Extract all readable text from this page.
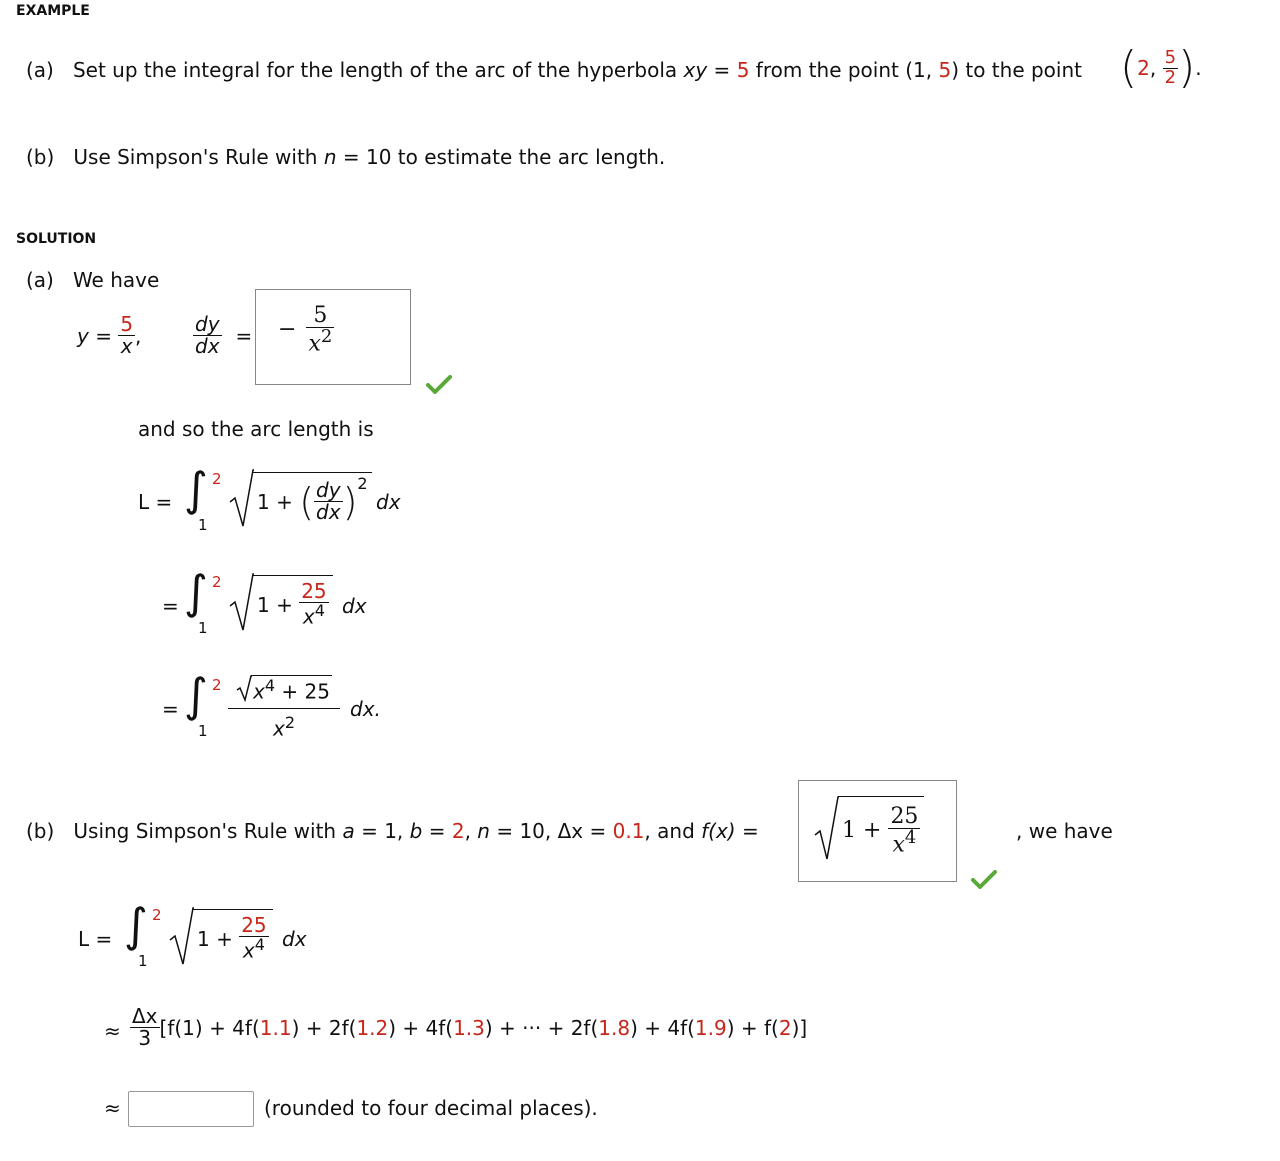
EXAMPLE
(a) Set up the integral for the length of the arc of the hyperbola xy = 5 from the point (1, 5) to the point (2, $\frac{5}{2}$ ).
(b) Use Simpson's Rule with n = 10 to estimate the arc length.
SOLUTION
(a) We have
y =
$\frac{5}{x}$ ,	$\frac{dy}{dx}$ = − $\frac{5}{x^2}$
and so the arc length is
L = ∫ 2
1
1 +
( $\frac{dy}{dx}$ ) 2
dx
= ∫ 2
1
1 +
$\frac{25}{x^4}$ dx
= ∫ 2
1
$x^4 + 25$
$x^2$
dx.
(b) Using Simpson's Rule with a = 1, b = 2, n = 10, Δx = 0.1, and f(x) =	1 +
$\frac{25}{x^4}$	, we have
L = ∫ 2
1
1 +
$\frac{25}{x^4}$ dx
≈ $\frac{\Delta x}{3} [f(1) + 4f(1.1) + 2f(1.2) + 4f(1.3)$ + ··· + 2f(1.8) + 4f(1.9) + f(2)]
≈	(rounded to four decimal places).
